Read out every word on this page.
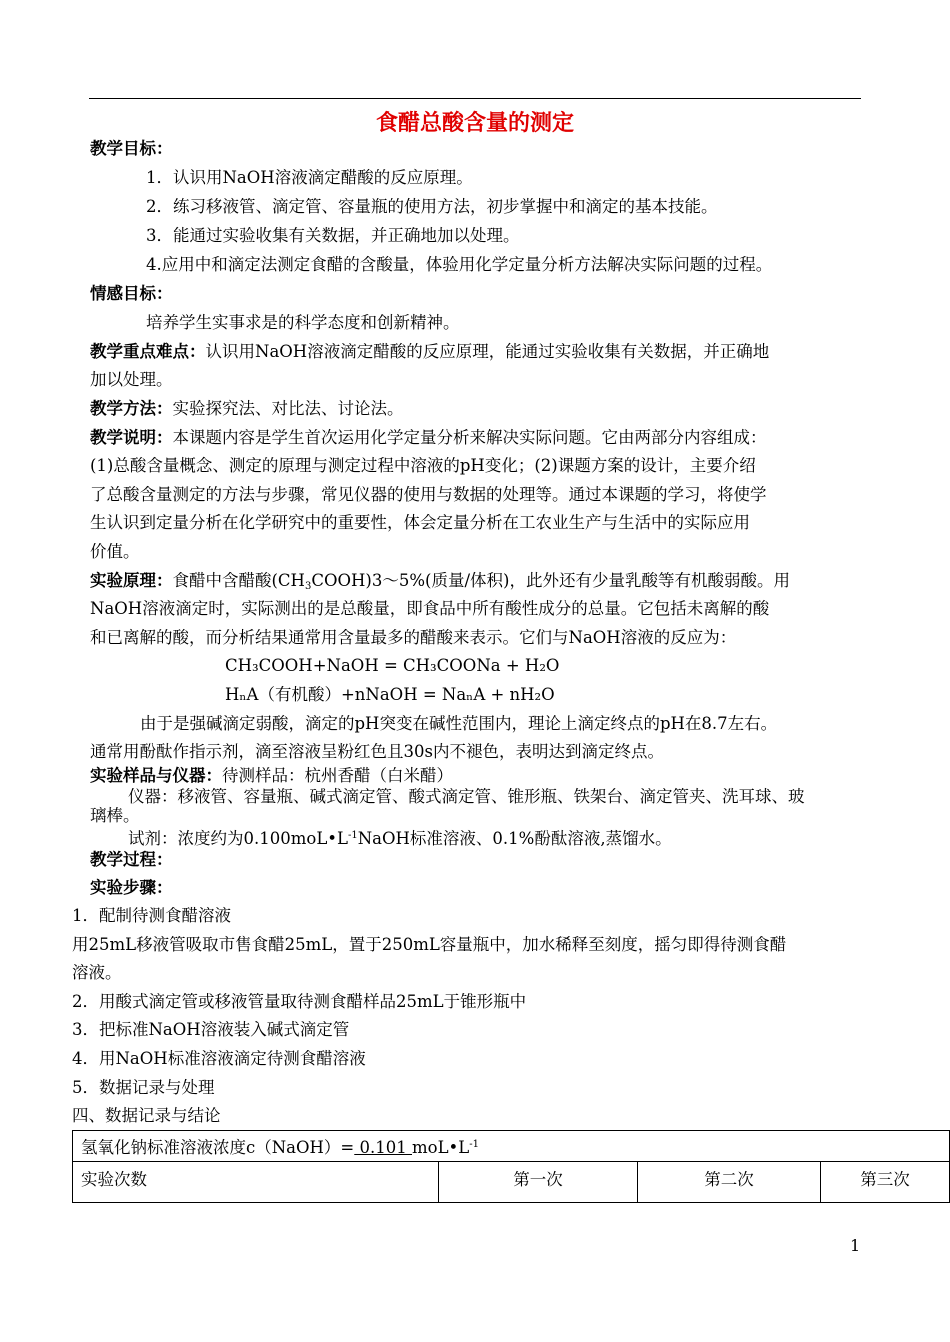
食醋总酸含量的测定
教学目标：
1．认识用NaOH溶液滴定醋酸的反应原理。
2．练习移液管、滴定管、容量瓶的使用方法，初步掌握中和滴定的基本技能。
3．能通过实验收集有关数据，并正确地加以处理。
4.应用中和滴定法测定食醋的含酸量，体验用化学定量分析方法解决实际问题的过程。
情感目标：
培养学生实事求是的科学态度和创新精神。
教学重点难点：认识用NaOH溶液滴定醋酸的反应原理，能通过实验收集有关数据，并正确地
加以处理。
教学方法：实验探究法、对比法、讨论法。
教学说明：本课题内容是学生首次运用化学定量分析来解决实际问题。它由两部分内容组成：
(1)总酸含量概念、测定的原理与测定过程中溶液的pH变化；(2)课题方案的设计，主要介绍
了总酸含量测定的方法与步骤，常见仪器的使用与数据的处理等。通过本课题的学习，将使学
生认识到定量分析在化学研究中的重要性，体会定量分析在工农业生产与生活中的实际应用
价值。
实验原理：食醋中含醋酸$(CH_3COOH)3\sim 5\%$(质量/体积)，此外还有少量乳酸等有机酸弱酸。用
NaOH溶液滴定时，实际测出的是总酸量，即食品中所有酸性成分的总量。它包括未离解的酸
和已离解的酸，而分析结果通常用含量最多的醋酸来表示。它们与NaOH溶液的反应为：
CH₃COOH+NaOH = CH₃COONa + H₂O
HₙA（有机酸）+nNaOH = NaₙA + nH₂O
由于是强碱滴定弱酸，滴定的pH突变在碱性范围内，理论上滴定终点的pH在8.7左右。
通常用酚酞作指示剂，滴至溶液呈粉红色且30s内不褪色，表明达到滴定终点。
实验样品与仪器：待测样品：杭州香醋（白米醋）
仪器：移液管、容量瓶、碱式滴定管、酸式滴定管、锥形瓶、铁架台、滴定管夹、洗耳球、玻
璃棒。
试剂：浓度约为$0.100moL•L^{-1}NaOH$标准溶液、0.1%酚酞溶液,蒸馏水。
教学过程：
实验步骤：
1．配制待测食醋溶液
用25mL移液管吸取市售食醋25mL，置于250mL容量瓶中，加水稀释至刻度，摇匀即得待测食醋
溶液。
2．用酸式滴定管或移液管量取待测食醋样品25mL于锥形瓶中
3．把标准NaOH溶液装入碱式滴定管
4．用NaOH标准溶液滴定待测食醋溶液
5．数据记录与处理
四、数据记录与结论
氢氧化钠标准溶液浓度c（NaOH）= 0.101 $moL•L^{-1}$
实验次数	第一次	第二次	第三次
1
